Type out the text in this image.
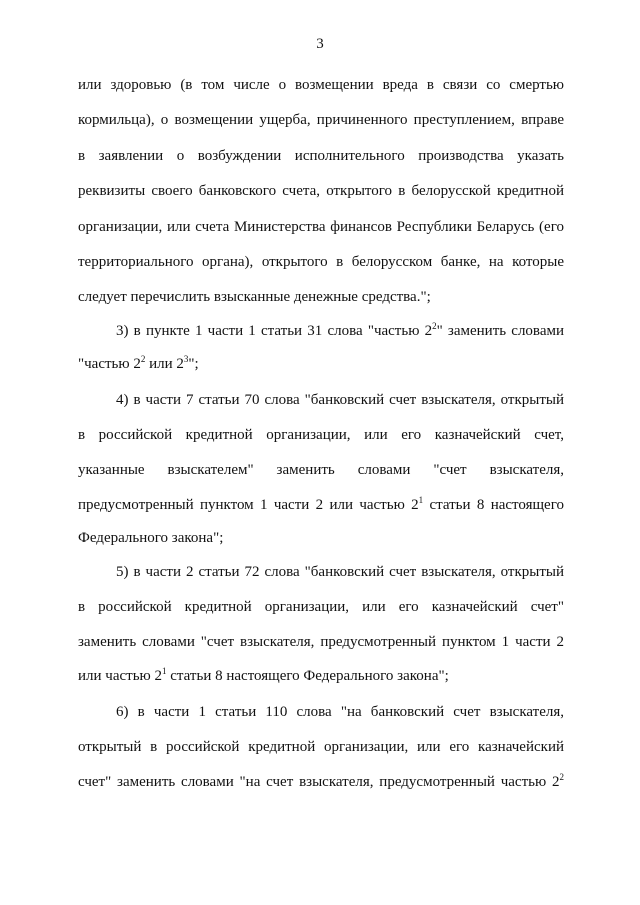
3
или здоровью (в том числе о возмещении вреда в связи со смертью
кормильца), о возмещении ущерба, причиненного преступлением, вправе
в заявлении о возбуждении исполнительного производства указать
реквизиты своего банковского счета, открытого в белорусской кредитной
организации, или счета Министерства финансов Республики Беларусь (его
территориального органа), открытого в белорусском банке, на которые
следует перечислить взысканные денежные средства.";
3) в пункте 1 части 1 статьи 31 слова "частью $2^2$" заменить словами
"частью $2^2$ или $2^3$";
4) в части 7 статьи 70 слова "банковский счет взыскателя, открытый
в российской кредитной организации, или его казначейский счет,
указанные взыскателем" заменить словами "счет взыскателя,
предусмотренный пунктом 1 части 2 или частью $2^1$ статьи 8 настоящего
Федерального закона";
5) в части 2 статьи 72 слова "банковский счет взыскателя, открытый
в российской кредитной организации, или его казначейский счет"
заменить словами "счет взыскателя, предусмотренный пунктом 1 части 2
или частью $2^1$ статьи 8 настоящего Федерального закона";
6) в части 1 статьи 110 слова "на банковский счет взыскателя,
открытый в российской кредитной организации, или его казначейский
счет" заменить словами "на счет взыскателя, предусмотренный частью $2^2$
